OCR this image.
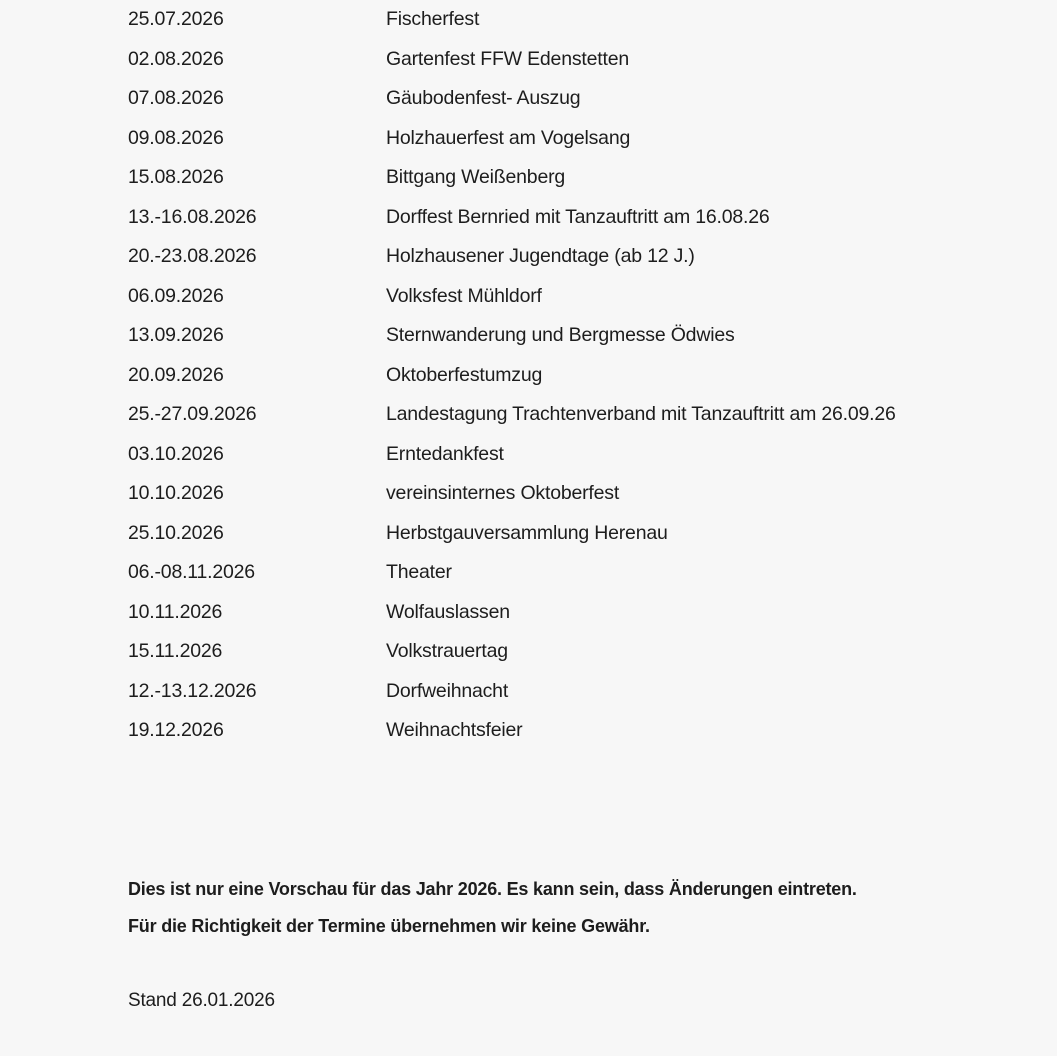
25.07.2026	Fischerfest
02.08.2026	Gartenfest FFW Edenstetten
07.08.2026	Gäubodenfest- Auszug
09.08.2026	Holzhauerfest am Vogelsang
15.08.2026	Bittgang Weißenberg
13.-16.08.2026	Dorffest Bernried mit Tanzauftritt am 16.08.26
20.-23.08.2026	Holzhausener Jugendtage (ab 12 J.)
06.09.2026	Volksfest Mühldorf
13.09.2026	Sternwanderung und Bergmesse Ödwies
20.09.2026	Oktoberfestumzug
25.-27.09.2026	Landestagung Trachtenverband mit Tanzauftritt am 26.09.26
03.10.2026	Erntedankfest
10.10.2026	vereinsinternes Oktoberfest
25.10.2026	Herbstgauversammlung Herenau
06.-08.11.2026	Theater
10.11.2026	Wolfauslassen
15.11.2026	Volkstrauertag
12.-13.12.2026	Dorfweihnacht
19.12.2026	Weihnachtsfeier

Dies ist nur eine Vorschau für das Jahr 2026. Es kann sein, dass Änderungen eintreten.

Für die Richtigkeit der Termine übernehmen wir keine Gewähr.

Stand 26.01.2026
